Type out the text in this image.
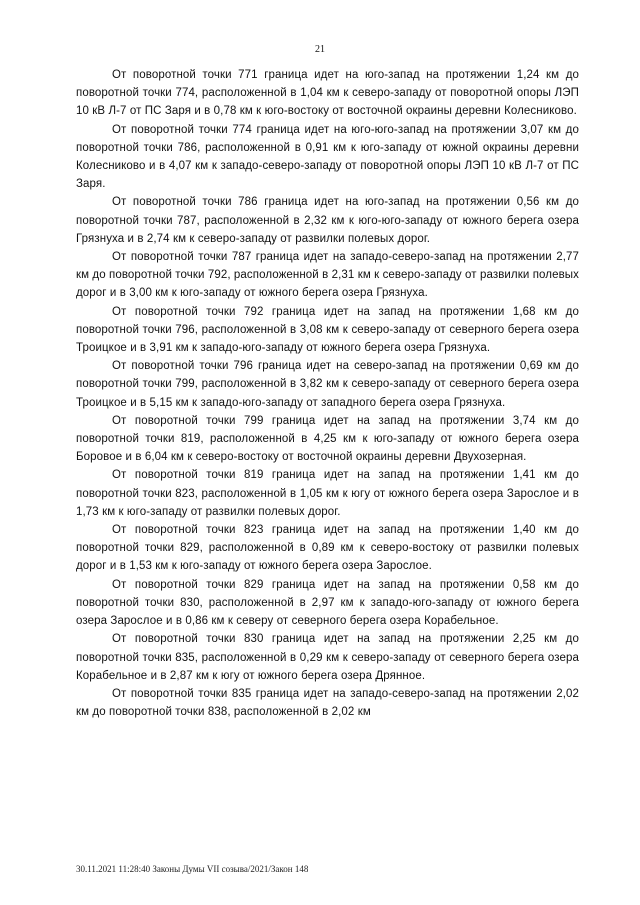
21

От поворотной точки 771 граница идет на юго-запад на протяжении 1,24 км до поворотной точки 774, расположенной в 1,04 км к северо-западу от поворотной опоры ЛЭП 10 кВ Л-7 от ПС Заря и в 0,78 км к юго-востоку от восточной окраины деревни Колесниково.

От поворотной точки 774 граница идет на юго-юго-запад на протяжении 3,07 км до поворотной точки 786, расположенной в 0,91 км к юго-западу от южной окраины деревни Колесниково и в 4,07 км к западо-северо-западу от поворотной опоры ЛЭП 10 кВ Л-7 от ПС Заря.

От поворотной точки 786 граница идет на юго-запад на протяжении 0,56 км до поворотной точки 787, расположенной в 2,32 км к юго-юго-западу от южного берега озера Грязнуха и в 2,74 км к северо-западу от развилки полевых дорог.

От поворотной точки 787 граница идет на западо-северо-запад на протяжении 2,77 км до поворотной точки 792, расположенной в 2,31 км к северо-западу от развилки полевых дорог и в 3,00 км к юго-западу от южного берега озера Грязнуха.

От поворотной точки 792 граница идет на запад на протяжении 1,68 км до поворотной точки 796, расположенной в 3,08 км к северо-западу от северного берега озера Троицкое и в 3,91 км к западо-юго-западу от южного берега озера Грязнуха.

От поворотной точки 796 граница идет на северо-запад на протяжении 0,69 км до поворотной точки 799, расположенной в 3,82 км к северо-западу от северного берега озера Троицкое и в 5,15 км к западо-юго-западу от западного берега озера Грязнуха.

От поворотной точки 799 граница идет на запад на протяжении 3,74 км до поворотной точки 819, расположенной в 4,25 км к юго-западу от южного берега озера Боровое и в 6,04 км к северо-востоку от восточной окраины деревни Двухозерная.

От поворотной точки 819 граница идет на запад на протяжении 1,41 км до поворотной точки 823, расположенной в 1,05 км к югу от южного берега озера Зарослое и в 1,73 км к юго-западу от развилки полевых дорог.

От поворотной точки 823 граница идет на запад на протяжении 1,40 км до поворотной точки 829, расположенной в 0,89 км к северо-востоку от развилки полевых дорог и в 1,53 км к юго-западу от южного берега озера Зарослое.

От поворотной точки 829 граница идет на запад на протяжении 0,58 км до поворотной точки 830, расположенной в 2,97 км к западо-юго-западу от южного берега озера Зарослое и в 0,86 км к северу от северного берега озера Корабельное.

От поворотной точки 830 граница идет на запад на протяжении 2,25 км до поворотной точки 835, расположенной в 0,29 км к северо-западу от северного берега озера Корабельное и в 2,87 км к югу от южного берега озера Дрянное.

От поворотной точки 835 граница идет на западо-северо-запад на протяжении 2,02 км до поворотной точки 838, расположенной в 2,02 км

30.11.2021 11:28:40 Законы Думы VII созыва/2021/Закон 148
